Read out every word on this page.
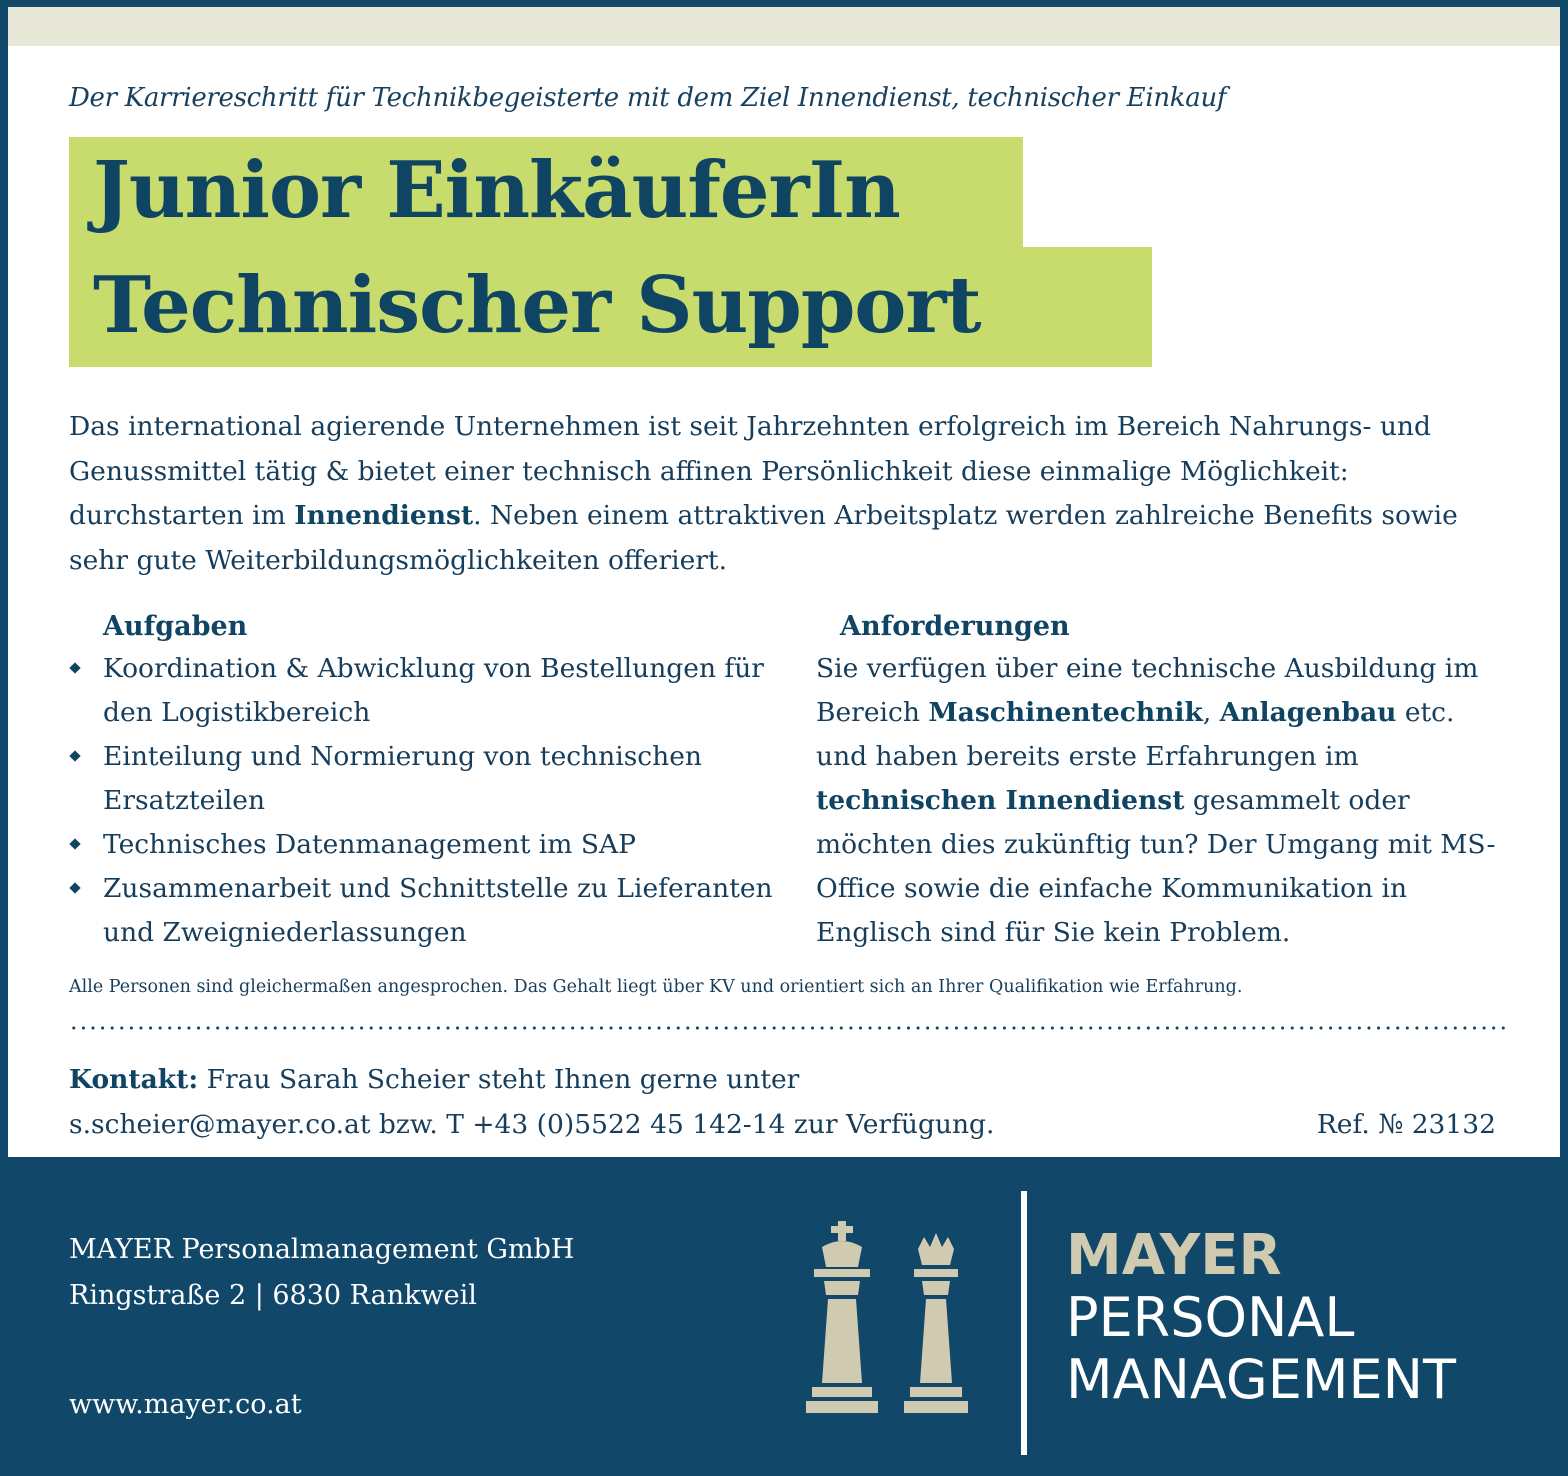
Der Karriereschritt für Technikbegeisterte mit dem Ziel Innendienst, technischer Einkauf
Junior EinkäuferIn
Technischer Support
Das international agierende Unternehmen ist seit Jahrzehnten erfolgreich im Bereich Nahrungs- und Genussmittel tätig & bietet einer technisch affinen Persönlichkeit diese einmalige Möglichkeit: durchstarten im Innendienst. Neben einem attraktiven Arbeitsplatz werden zahlreiche Benefits sowie sehr gute Weiterbildungsmöglichkeiten offeriert.
Aufgaben
Koordination & Abwicklung von Bestellungen für den Logistikbereich
Einteilung und Normierung von technischen Ersatzteilen
Technisches Datenmanagement im SAP
Zusammenarbeit und Schnittstelle zu Lieferanten und Zweigniederlassungen
Anforderungen
Sie verfügen über eine technische Ausbildung im Bereich Maschinentechnik, Anlagenbau etc. und haben bereits erste Erfahrungen im technischen Innendienst gesammelt oder möchten dies zukünftig tun? Der Umgang mit MS-Office sowie die einfache Kommunikation in Englisch sind für Sie kein Problem.
Alle Personen sind gleichermaßen angesprochen. Das Gehalt liegt über KV und orientiert sich an Ihrer Qualifikation wie Erfahrung.
Kontakt: Frau Sarah Scheier steht Ihnen gerne unter
s.scheier@mayer.co.at bzw. T +43 (0)5522 45 142-14 zur Verfügung.	Ref. № 23132
MAYER Personalmanagement GmbH
Ringstraße 2 | 6830 Rankweil
www.mayer.co.at
MAYER
PERSONAL
MANAGEMENT
